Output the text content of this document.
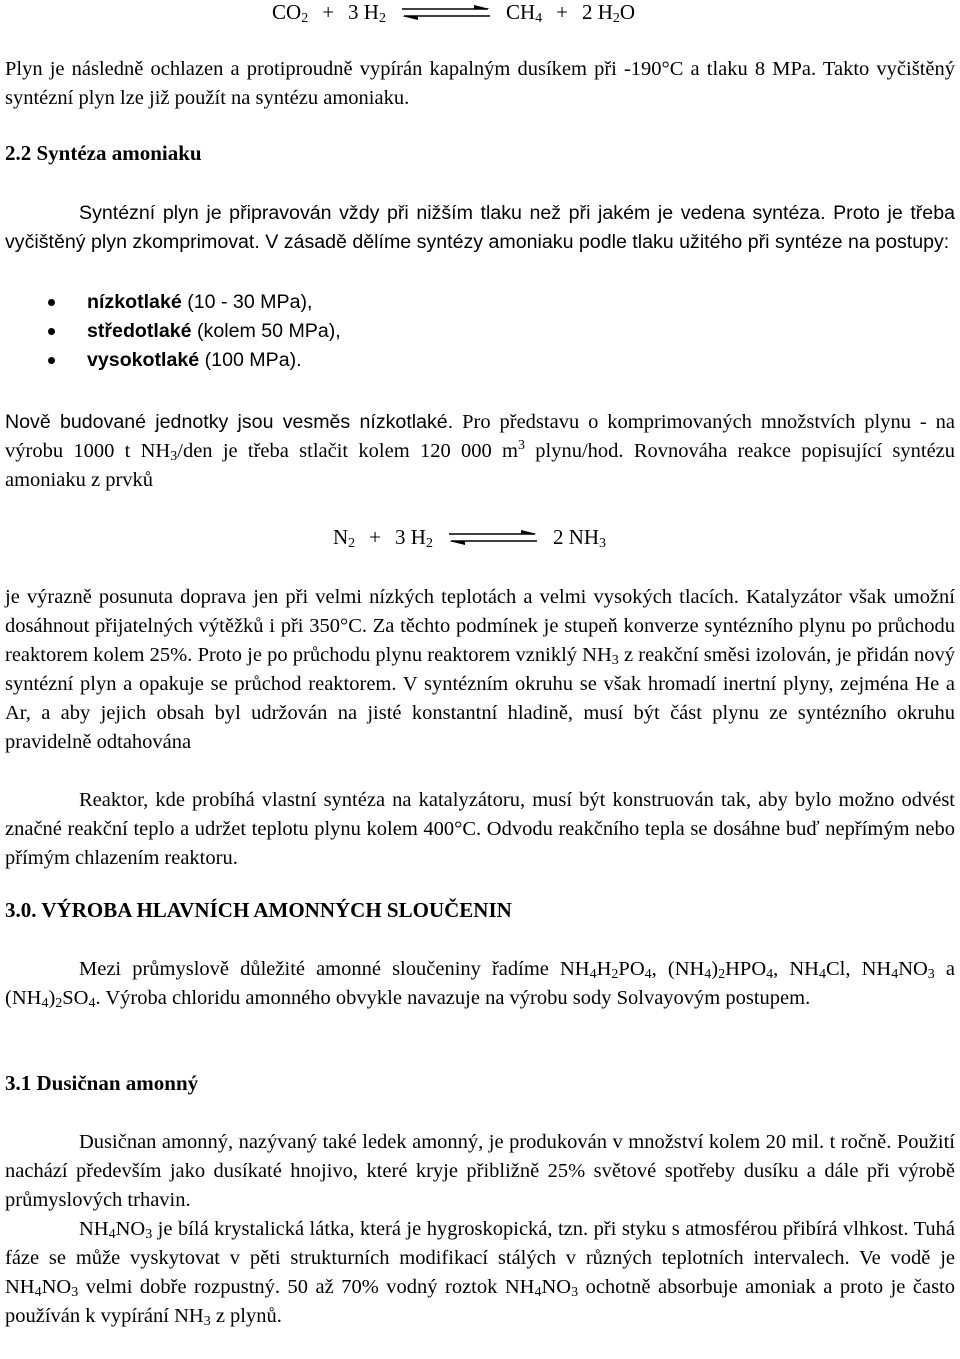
$CO_2 + 3$ $H_2$	$CH_4 + 2$ $H_2O$

Plyn je následně ochlazen a protiproudně vypírán kapalným dusíkem při -190°C a tlaku 8 MPa. Takto vyčištěný syntézní plyn lze již použít na syntézu amoniaku.

2.2 Syntéza amoniaku

Syntézní plyn je připravován vždy při nižším tlaku než při jakém je vedena syntéza. Proto je třeba vyčištěný plyn zkomprimovat. V zásadě dělíme syntézy amoniaku podle tlaku užitého při syntéze na postupy:

nízkotlaké (10 - 30 MPa),
středotlaké (kolem 50 MPa),
vysokotlaké (100 MPa).

Nově budované jednotky jsou vesměs nízkotlaké. Pro představu o komprimovaných množstvích plynu - na výrobu 1000 t $NH_3$/den je třeba stlačit kolem 120 000 $m^3$ plynu/hod. Rovnováha reakce popisující syntézu amoniaku z prvků

$N_2 + 3$ $H_2$	2 $NH_3$

je výrazně posunuta doprava jen při velmi nízkých teplotách a velmi vysokých tlacích. Katalyzátor však umožní dosáhnout přijatelných výtěžků i při 350°C. Za těchto podmínek je stupeň konverze syntézního plynu po průchodu reaktorem kolem 25%. Proto je po průchodu plynu reaktorem vzniklý $NH_3$ z reakční směsi izolován, je přidán nový syntézní plyn a opakuje se průchod reaktorem. V syntézním okruhu se však hromadí inertní plyny, zejména He a Ar, a aby jejich obsah byl udržován na jisté konstantní hladině, musí být část plynu ze syntézního okruhu pravidelně odtahována

Reaktor, kde probíhá vlastní syntéza na katalyzátoru, musí být konstruován tak, aby bylo možno odvést značné reakční teplo a udržet teplotu plynu kolem 400°C. Odvodu reakčního tepla se dosáhne buď nepřímým nebo přímým chlazením reaktoru.

3.0. VÝROBA HLAVNÍCH AMONNÝCH SLOUČENIN

Mezi průmyslově důležité amonné sloučeniny řadíme $NH_4H_2PO_4$, $(NH_4)_2HPO_4$, $NH_4Cl$, $NH_4NO_3$ a $(NH_4)_2SO_4$. Výroba chloridu amonného obvykle navazuje na výrobu sody Solvayovým postupem.

3.1 Dusičnan amonný

Dusičnan amonný, nazývaný také ledek amonný, je produkován v množství kolem 20 mil. t ročně. Použití nachází především jako dusíkaté hnojivo, které kryje přibližně 25% světové spotřeby dusíku a dále při výrobě průmyslových trhavin.

$NH_4NO_3$ je bílá krystalická látka, která je hygroskopická, tzn. při styku s atmosférou přibírá vlhkost. Tuhá fáze se může vyskytovat v pěti strukturních modifikací stálých v různých teplotních intervalech. Ve vodě je $NH_4NO_3$ velmi dobře rozpustný. 50 až 70% vodný roztok $NH_4NO_3$ ochotně absorbuje amoniak a proto je často používán k vypírání $NH_3$ z plynů.
